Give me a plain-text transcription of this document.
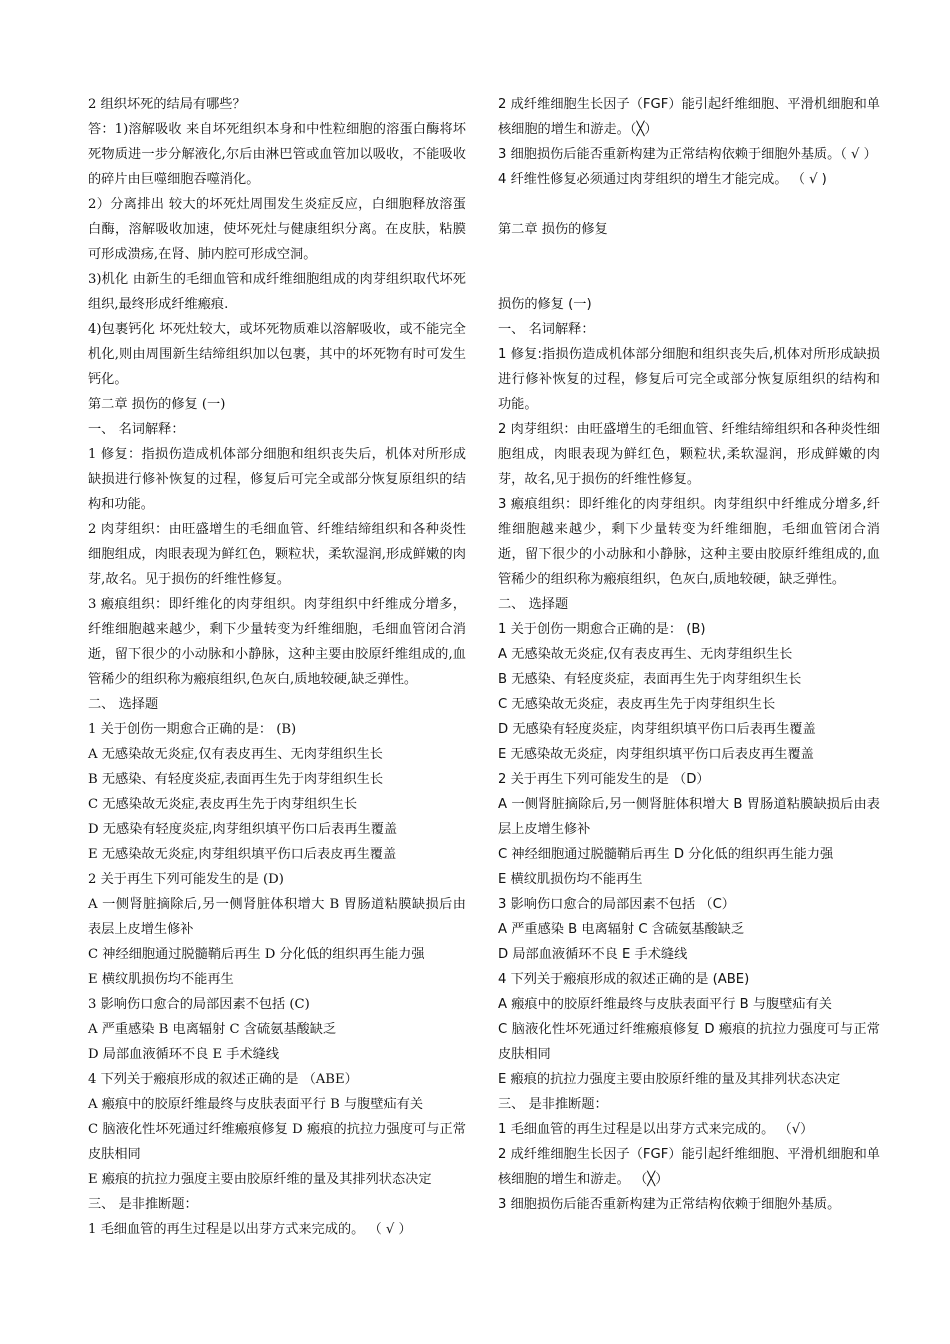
2 组织坏死的结局有哪些？

答：1)溶解吸收 来自坏死组织本身和中性粒细胞的溶蛋白酶将坏死物质进一步分解液化,尔后由淋巴管或血管加以吸收，不能吸收的碎片由巨噬细胞吞噬消化。

2）分离排出 较大的坏死灶周围发生炎症反应，白细胞释放溶蛋白酶，溶解吸收加速，使坏死灶与健康组织分离。在皮肤，粘膜可形成溃疡,在肾、肺内腔可形成空洞。

3)机化 由新生的毛细血管和成纤维细胞组成的肉芽组织取代坏死组织,最终形成纤维瘢痕.

4)包裹钙化 坏死灶较大，或坏死物质难以溶解吸收，或不能完全机化,则由周围新生结缔组织加以包裹，其中的坏死物有时可发生钙化。

第二章 损伤的修复 (一)

一、 名词解释：

1 修复：指损伤造成机体部分细胞和组织丧失后，机体对所形成缺损进行修补恢复的过程，修复后可完全或部分恢复原组织的结构和功能。

2 肉芽组织：由旺盛增生的毛细血管、纤维结缔组织和各种炎性细胞组成，肉眼表现为鲜红色，颗粒状，柔软湿润,形成鲜嫩的肉芽,故名。见于损伤的纤维性修复。

3 瘢痕组织：即纤维化的肉芽组织。肉芽组织中纤维成分增多，纤维细胞越来越少，剩下少量转变为纤维细胞，毛细血管闭合消逝，留下很少的小动脉和小静脉，这种主要由胶原纤维组成的,血管稀少的组织称为瘢痕组织,色灰白,质地较硬,缺乏弹性。

二、 选择题

1 关于创伤一期愈合正确的是： (B)

A 无感染故无炎症,仅有表皮再生、无肉芽组织生长

B 无感染、有轻度炎症,表面再生先于肉芽组织生长

C 无感染故无炎症,表皮再生先于肉芽组织生长

D 无感染有轻度炎症,肉芽组织填平伤口后表再生覆盖

E 无感染故无炎症,肉芽组织填平伤口后表皮再生覆盖

2 关于再生下列可能发生的是 (D)

A 一侧肾脏摘除后,另一侧肾脏体积增大 B 胃肠道粘膜缺损后由表层上皮增生修补

C 神经细胞通过脱髓鞘后再生 D 分化低的组织再生能力强

E 横纹肌损伤均不能再生

3 影响伤口愈合的局部因素不包括 (C)

A 严重感染 B 电离辐射 C 含硫氨基酸缺乏

D 局部血液循环不良 E 手术缝线

4 下列关于瘢痕形成的叙述正确的是 （ABE）

A 瘢痕中的胶原纤维最终与皮肤表面平行 B 与腹壁疝有关

C 脑液化性坏死通过纤维瘢痕修复 D 瘢痕的抗拉力强度可与正常皮肤相同

E 瘢痕的抗拉力强度主要由胶原纤维的量及其排列状态决定

三、 是非推断题：

1 毛细血管的再生过程是以出芽方式来完成的。 （ √ ）

2 成纤维细胞生长因子（FGF）能引起纤维细胞、平滑机细胞和单核细胞的增生和游走。（╳）

3 细胞损伤后能否重新构建为正常结构依赖于细胞外基质。（ √ ）

4 纤维性修复必须通过肉芽组织的增生才能完成。 （ √ )

第二章 损伤的修复

损伤的修复 (一)

一、 名词解释：

1 修复:指损伤造成机体部分细胞和组织丧失后,机体对所形成缺损进行修补恢复的过程，修复后可完全或部分恢复原组织的结构和功能。

2 肉芽组织：由旺盛增生的毛细血管、纤维结缔组织和各种炎性细胞组成，肉眼表现为鲜红色，颗粒状,柔软湿润，形成鲜嫩的肉芽，故名,见于损伤的纤维性修复。

3 瘢痕组织：即纤维化的肉芽组织。肉芽组织中纤维成分增多,纤维细胞越来越少，剩下少量转变为纤维细胞，毛细血管闭合消逝，留下很少的小动脉和小静脉，这种主要由胶原纤维组成的,血管稀少的组织称为瘢痕组织，色灰白,质地较硬，缺乏弹性。

二、 选择题

1 关于创伤一期愈合正确的是： (B)

A 无感染故无炎症,仅有表皮再生、无肉芽组织生长

B 无感染、有轻度炎症，表面再生先于肉芽组织生长

C 无感染故无炎症，表皮再生先于肉芽组织生长

D 无感染有轻度炎症，肉芽组织填平伤口后表再生覆盖

E 无感染故无炎症，肉芽组织填平伤口后表皮再生覆盖

2 关于再生下列可能发生的是 （D）

A 一侧肾脏摘除后,另一侧肾脏体积增大 B 胃肠道粘膜缺损后由表层上皮增生修补

C 神经细胞通过脱髓鞘后再生 D 分化低的组织再生能力强

E 横纹肌损伤均不能再生

3 影响伤口愈合的局部因素不包括 （C）

A 严重感染 B 电离辐射 C 含硫氨基酸缺乏

D 局部血液循环不良 E 手术缝线

4 下列关于瘢痕形成的叙述正确的是 (ABE)

A 瘢痕中的胶原纤维最终与皮肤表面平行 B 与腹壁疝有关

C 脑液化性坏死通过纤维瘢痕修复 D 瘢痕的抗拉力强度可与正常皮肤相同

E 瘢痕的抗拉力强度主要由胶原纤维的量及其排列状态决定

三、 是非推断题：

1 毛细血管的再生过程是以出芽方式来完成的。 （√）

2 成纤维细胞生长因子（FGF）能引起纤维细胞、平滑机细胞和单核细胞的增生和游走。 （╳）

3 细胞损伤后能否重新构建为正常结构依赖于细胞外基质。
